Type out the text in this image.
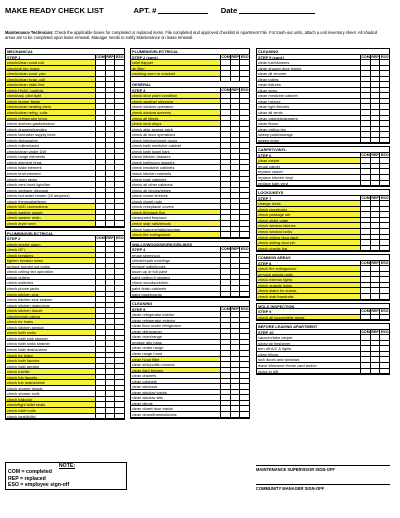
MAKE READY CHECK LIST	APT. #	Date
Maintenance Technician: Check the applicable boxes for completed or replaced items. File completed and approved checklist in Apartment File. For trash-out units, attach a unit inventory sheet. All shaded areas are to be completed upon lease renewal. Manager needs to notify Maintenance on lease renewal.
MECHANICAL
STEP 1	COM REP ESO
check/clean cond coil
check/oil fan motor
check/clean cond. pan
check/clean evap. coil
check/clean drain line
check HVAC controls
check/adj. pilot light
check burner flame
check/clean heating elem.
check/clean refrig. coils
check refrigerator temp.
check shelves gaskets/door
check drawers/handles
check icemaker supply lines
check dishwasher
check rollers/racks
check/clean under DW
check range elements
check element rings
check bake element
check broil element
check oven racks
check vent hood light/fan
check garbage disposal
check hot water heater (10 degrees)
check thermostat/temp
check W/D connections
check washer supply
check washer drain
check dryer vent
PLUMBING/ELECTRICAL
STEP 2	COM REP ESO
check smoke alarm
check GFI
check breakers
tighten breaker wires
replace burned out bulbs
check ceiling fan operation
check outlets
check switches
check phone jacks
check kitchen sink
check kitchen sink strainer
check kitchen drain/clear
check kitchen faucet
check/repair valves
check for leaks
check kitchen aerator
check bath sinks
check bath sink stopper
check bath sinks strainer
check bath drains/clear
check for leaks
check bath faucets
check bath aerator
check tub/tile
check tub faucets
check tub drains/clear
check shower heads
check shower rods
check ballcock
check/tight toilet seats
check toilet bolts
check tank/lid/lid
PLUMBING/ELECTRICAL
STEP 2 (cont.)	COM REP ESO
toilet flapper
air filter
caulking worn or cracked
GENERAL
STEP 3	COM REP ESO
check door paint condition
check weather stripping
check window operation
check window screens
check all blinds
check door stops
check attic access latch
check all door operations
check interior/closet doors
check bath medicine cabinet
check bath towel bars
check kitchen drawers
check bathroom drawers
check medicine cabinets
check kitchen cabinets
check bath cabinets
check all other cabinets
check all hinges/glides
check closet shelves
check closet rods
check receptacle covers
check fireplace flue
clean/paint fireplace
check stair rails/treads
check balcony/patio/storage
check fire extinguisher
WALLS/WOOD/WORK/CEILINGS
STEP 4	COM REP ESO
repair sheetrock
check/repair moldings
remove nails/hooks
touch up or full paint
paint ceiling if needed
check woodwork/trim
paint finish cabinets
paint baseboards
CLEANING
STEP 5	COM REP ESO
clean refrigerator interior
clean refrigerator exterior
clean floor under refrigerator
clean dishwasher
clean oven/range
replace drip pans
clean under range
clean range hood
clean hood filter
clean sink/polish chrome
clean light fixtures
clean drawers
clean cabinets
clean windows
clean window tracks
clean window sills
clean blinds
clean closet door tracks
clean doors/frames/knobs
CLEANING
STEP 5 (cont.)	COM REP ESO
clean tub/showers
clean shower door tracks
clean all chrome
clean toilets
clean fixtures
clean sinks
clean medicine cabinet
clean mirrors
clean light fixtures
clean all vents
clean cabinets/drawers
clean floors
clean ceiling fan
sweep patio/storage
sweep entry
CARPET/VINYL
STEP 6	COM REP ESO
clean carpet
repair carpet
replace carpet
replace kitchen vinyl
replace bath vinyl
LOCKS/KEYS
STEP 7	COM REP ESO
change locks
check peepholes
check passage set
check strike plate
check window latches
check window locks
check sliding door latch
check sliding door pin
check charlie bar
COMMON AREAS
STEP 8	COM REP ESO
check fire extinguisher
remove weeds patio
check exterior lights
check outside lights
check stairs for cracks
check stair/handrails
MOLD INSPECTION
STEP 9	COM REP ESO
check all susceptible areas
BEFORE LEAVING APARTMENT
STEP 10	COM REP ESO
vacuum/rake carpet
spray air freshener
turn off A/C & lights
close blinds
lock doors and windows
leave Welcome Home card and/or
move-in gift
MAINTENANCE SUPERVISOR SIGN-OFF
COMMUNITY MANAGER SIGN-OFF
NOTE:
COM = completed
REP = replaced
ESO = employee sign-off
